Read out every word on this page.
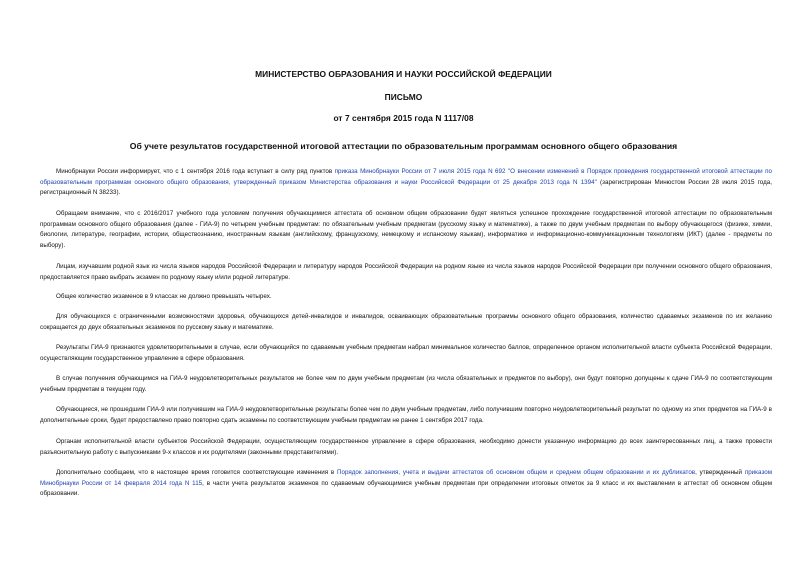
МИНИСТЕРСТВО ОБРАЗОВАНИЯ И НАУКИ РОССИЙСКОЙ ФЕДЕРАЦИИ
ПИСЬМО
от 7 сентября 2015 года N 1117/08
Об учете результатов государственной итоговой аттестации по образовательным программам основного общего образования

Минобрнауки России информирует, что с 1 сентября 2016 года вступает в силу ряд пунктов приказа Минобрнауки России от 7 июля 2015 года N 692 "О внесении изменений в Порядок проведения государственной итоговой аттестации по образовательным программам основного общего образования, утвержденный приказом Министерства образования и науки Российской Федерации от 25 декабря 2013 года N 1394" (зарегистрирован Минюстом России 28 июля 2015 года, регистрационный N 38233).

Обращаем внимание, что с 2016/2017 учебного года условием получения обучающимися аттестата об основном общем образовании будет являться успешное прохождение государственной итоговой аттестации по образовательным программам основного общего образования (далее - ГИА-9) по четырем учебным предметам: по обязательным учебным предметам (русскому языку и математике), а также по двум учебным предметам по выбору обучающегося (физике, химии, биологии, литературе, географии, истории, обществознанию, иностранным языкам (английскому, французскому, немецкому и испанскому языкам), информатике и информационно-коммуникационным технологиям (ИКТ) (далее - предметы по выбору).

Лицам, изучавшим родной язык из числа языков народов Российской Федерации и литературу народов Российской Федерации на родном языке из числа языков народов Российской Федерации при получении основного общего образования, предоставляется право выбрать экзамен по родному языку и/или родной литературе.

Общее количество экзаменов в 9 классах не должно превышать четырех.

Для обучающихся с ограниченными возможностями здоровья, обучающихся детей-инвалидов и инвалидов, осваивающих образовательные программы основного общего образования, количество сдаваемых экзаменов по их желанию сокращается до двух обязательных экзаменов по русскому языку и математике.

Результаты ГИА-9 признаются удовлетворительными в случае, если обучающийся по сдаваемым учебным предметам набрал минимальное количество баллов, определенное органом исполнительной власти субъекта Российской Федерации, осуществляющим государственное управление в сфере образования.

В случае получения обучающимся на ГИА-9 неудовлетворительных результатов не более чем по двум учебным предметам (из числа обязательных и предметов по выбору), они будут повторно допущены к сдаче ГИА-9 по соответствующим учебным предметам в текущем году.

Обучающиеся, не прошедшим ГИА-9 или получившим на ГИА-9 неудовлетворительные результаты более чем по двум учебным предметам, либо получившим повторно неудовлетворительный результат по одному из этих предметов на ГИА-9 в дополнительные сроки, будет предоставлено право повторно сдать экзамены по соответствующим учебным предметам не ранее 1 сентября 2017 года.

Органам исполнительной власти субъектов Российской Федерации, осуществляющим государственное управление в сфере образования, необходимо донести указанную информацию до всех заинтересованных лиц, а также провести разъяснительную работу с выпускниками 9-х классов и их родителями (законными представителями).

Дополнительно сообщаем, что в настоящее время готовится соответствующие изменения в Порядок заполнения, учета и выдачи аттестатов об основном общем и среднем общем образовании и их дубликатов, утвержденный приказом Минобрнауки России от 14 февраля 2014 года N 115, в части учета результатов экзаменов по сдаваемым обучающимися учебным предметам при определении итоговых отметок за 9 класс и их выставлении в аттестат об основном общем образовании.
